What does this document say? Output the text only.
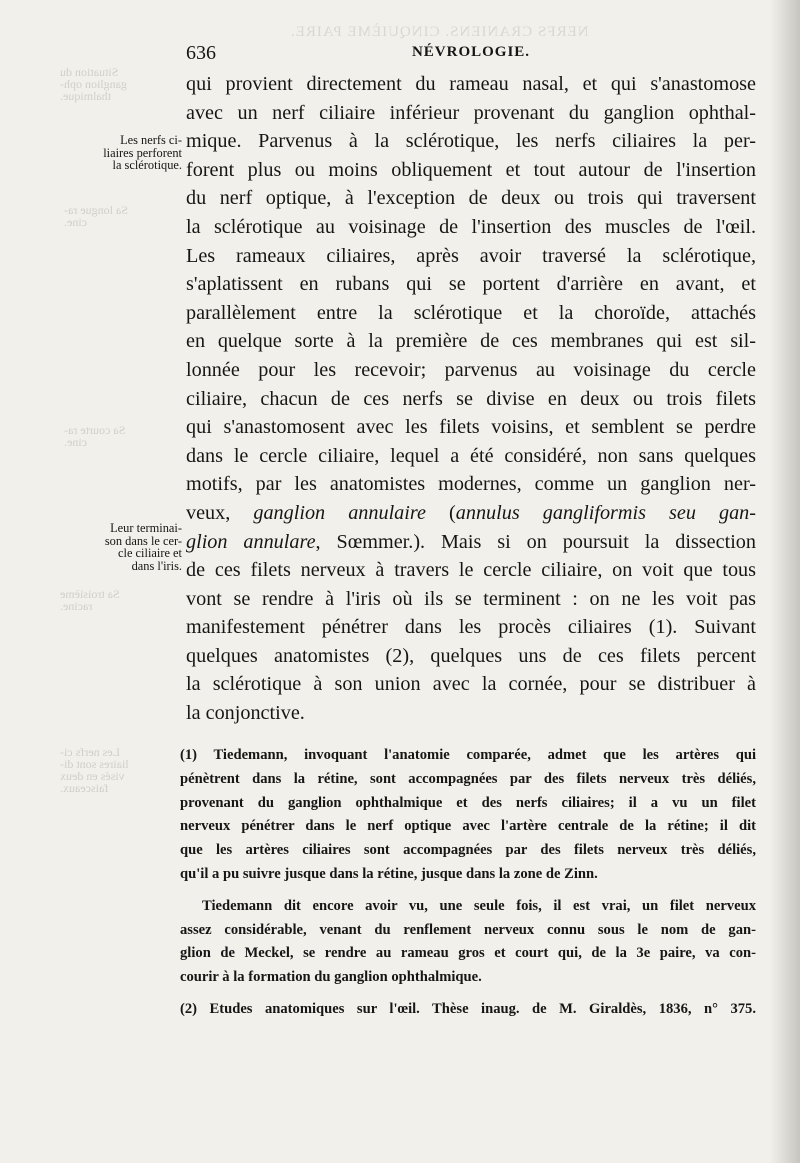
NERFS CRANIENS. CINQUIÈME PAIRE.
Situation du
ganglion oph-
thalmique.
Sa longue ra-
cine.
Sa courte ra-
cine.
Sa troisième
racine.
Les nerfs ci-
liaires sont di-
visés en deux
faisceaux.
636	NÉVROLOGIE.
Les nerfs ci-
liaires perforent
la sclérotique.
Leur terminai-
son dans le cer-
cle ciliaire et
dans l'iris.
qui provient directement du rameau nasal, et qui s'anastomose
avec un nerf ciliaire inférieur provenant du ganglion ophthal-
mique. Parvenus à la sclérotique, les nerfs ciliaires la per-
forent plus ou moins obliquement et tout autour de l'insertion
du nerf optique, à l'exception de deux ou trois qui traversent
la sclérotique au voisinage de l'insertion des muscles de l'œil.
Les rameaux ciliaires, après avoir traversé la sclérotique,
s'aplatissent en rubans qui se portent d'arrière en avant, et
parallèlement entre la sclérotique et la choroïde, attachés
en quelque sorte à la première de ces membranes qui est sil-
lonnée pour les recevoir; parvenus au voisinage du cercle
ciliaire, chacun de ces nerfs se divise en deux ou trois filets
qui s'anastomosent avec les filets voisins, et semblent se perdre
dans le cercle ciliaire, lequel a été considéré, non sans quelques
motifs, par les anatomistes modernes, comme un ganglion ner-
veux, ganglion annulaire (annulus gangliformis seu gan-
glion annulare, Sœmmer.). Mais si on poursuit la dissection
de ces filets nerveux à travers le cercle ciliaire, on voit que tous
vont se rendre à l'iris où ils se terminent : on ne les voit pas
manifestement pénétrer dans les procès ciliaires (1). Suivant
quelques anatomistes (2), quelques uns de ces filets percent
la sclérotique à son union avec la cornée, pour se distribuer à
la conjonctive.
(1) Tiedemann, invoquant l'anatomie comparée, admet que les artères qui
pénètrent dans la rétine, sont accompagnées par des filets nerveux très déliés,
provenant du ganglion ophthalmique et des nerfs ciliaires; il a vu un filet
nerveux pénétrer dans le nerf optique avec l'artère centrale de la rétine; il dit
que les artères ciliaires sont accompagnées par des filets nerveux très déliés,
qu'il a pu suivre jusque dans la rétine, jusque dans la zone de Zinn.
Tiedemann dit encore avoir vu, une seule fois, il est vrai, un filet nerveux
assez considérable, venant du renflement nerveux connu sous le nom de gan-
glion de Meckel, se rendre au rameau gros et court qui, de la 3e paire, va con-
courir à la formation du ganglion ophthalmique.
(2) Etudes anatomiques sur l'œil. Thèse inaug. de M. Giraldès, 1836, n° 375.
